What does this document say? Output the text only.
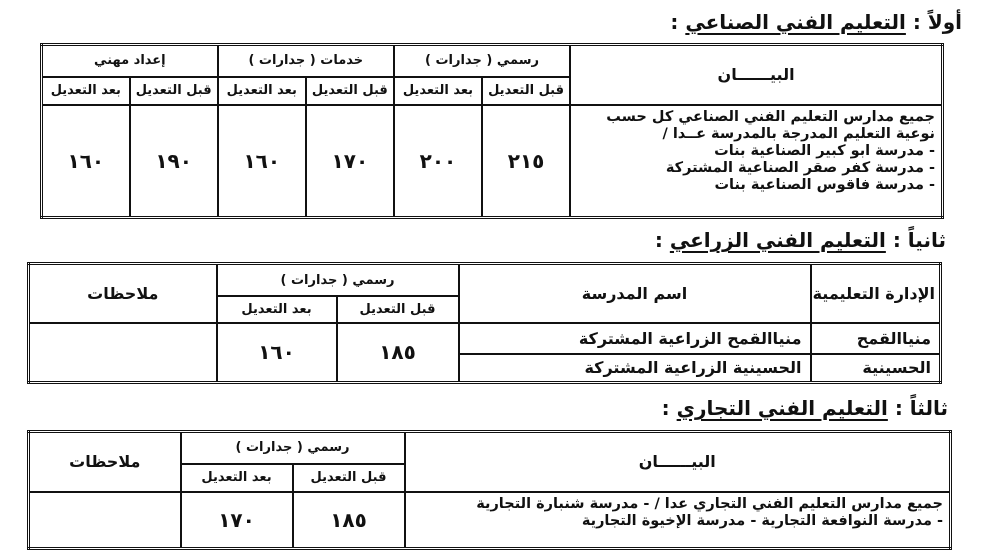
أولاً : التعليم الفني الصناعي :
البيــــــان	رسمي ( جدارات )		خدمات ( جدارات )		إعداد مهني	
	قبل التعديل	بعد التعديل	قبل التعديل	بعد التعديل	قبل التعديل	بعد التعديل

جميع مدارس التعليم الفني الصناعي كل حسب
نوعية التعليم المدرجة بالمدرسة عــدا /
- مدرسة ابو كبير الصناعية بنات
- مدرسة كفر صقر الصناعية المشتركة
- مدرسة فاقوس الصناعية بنات	٢١٥	٢٠٠	١٧٠	١٦٠	١٩٠	١٦٠
ثانياً : التعليم الفني الزراعي :
الإدارة التعليمية	اسم المدرسة	رسمي ( جدارات )		ملاحظات
		قبل التعديل	بعد التعديل	
منياالقمح	منياالقمح الزراعية المشتركة	١٨٥	١٦٠	
الحسينية	الحسينية الزراعية المشتركة			
ثالثاً : التعليم الفني التجاري :
البيــــــان	رسمي ( جدارات )		ملاحظات
	قبل التعديل	بعد التعديل	

جميع مدارس التعليم الفني التجاري عدا / - مدرسة شنبارة التجارية
- مدرسة النوافعة التجارية - مدرسة الإخيوة التجارية	١٨٥	١٧٠	
